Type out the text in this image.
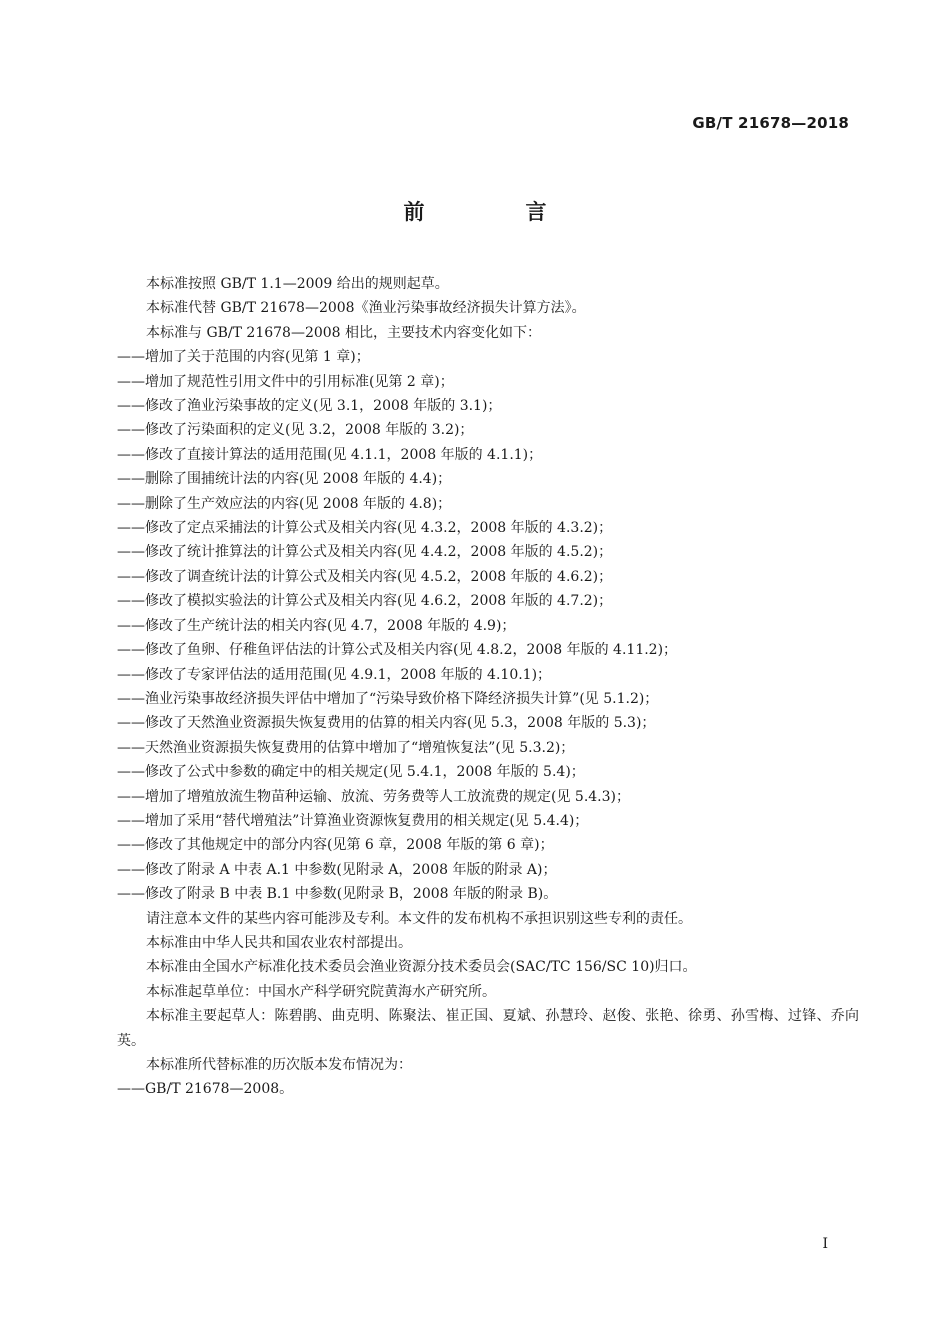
GB/T 21678—2018
前　言

本标准按照 GB/T 1.1—2009 给出的规则起草。

本标准代替 GB/T 21678—2008《渔业污染事故经济损失计算方法》。

本标准与 GB/T 21678—2008 相比，主要技术内容变化如下：

——增加了关于范围的内容(见第 1 章)；

——增加了规范性引用文件中的引用标准(见第 2 章)；

——修改了渔业污染事故的定义(见 3.1，2008 年版的 3.1)；

——修改了污染面积的定义(见 3.2，2008 年版的 3.2)；

——修改了直接计算法的适用范围(见 4.1.1，2008 年版的 4.1.1)；

——删除了围捕统计法的内容(见 2008 年版的 4.4)；

——删除了生产效应法的内容(见 2008 年版的 4.8)；

——修改了定点采捕法的计算公式及相关内容(见 4.3.2，2008 年版的 4.3.2)；

——修改了统计推算法的计算公式及相关内容(见 4.4.2，2008 年版的 4.5.2)；

——修改了调查统计法的计算公式及相关内容(见 4.5.2，2008 年版的 4.6.2)；

——修改了模拟实验法的计算公式及相关内容(见 4.6.2，2008 年版的 4.7.2)；

——修改了生产统计法的相关内容(见 4.7，2008 年版的 4.9)；

——修改了鱼卵、仔稚鱼评估法的计算公式及相关内容(见 4.8.2，2008 年版的 4.11.2)；

——修改了专家评估法的适用范围(见 4.9.1，2008 年版的 4.10.1)；

——渔业污染事故经济损失评估中增加了“污染导致价格下降经济损失计算”(见 5.1.2)；

——修改了天然渔业资源损失恢复费用的估算的相关内容(见 5.3，2008 年版的 5.3)；

——天然渔业资源损失恢复费用的估算中增加了“增殖恢复法”(见 5.3.2)；

——修改了公式中参数的确定中的相关规定(见 5.4.1，2008 年版的 5.4)；

——增加了增殖放流生物苗种运输、放流、劳务费等人工放流费的规定(见 5.4.3)；

——增加了采用“替代增殖法”计算渔业资源恢复费用的相关规定(见 5.4.4)；

——修改了其他规定中的部分内容(见第 6 章，2008 年版的第 6 章)；

——修改了附录 A 中表 A.1 中参数(见附录 A，2008 年版的附录 A)；

——修改了附录 B 中表 B.1 中参数(见附录 B，2008 年版的附录 B)。

请注意本文件的某些内容可能涉及专利。本文件的发布机构不承担识别这些专利的责任。

本标准由中华人民共和国农业农村部提出。

本标准由全国水产标准化技术委员会渔业资源分技术委员会(SAC/TC 156/SC 10)归口。

本标准起草单位：中国水产科学研究院黄海水产研究所。

本标准主要起草人：陈碧鹃、曲克明、陈聚法、崔正国、夏斌、孙慧玲、赵俊、张艳、徐勇、孙雪梅、过锋、乔向英。

本标准所代替标准的历次版本发布情况为：

——GB/T 21678—2008。

I
